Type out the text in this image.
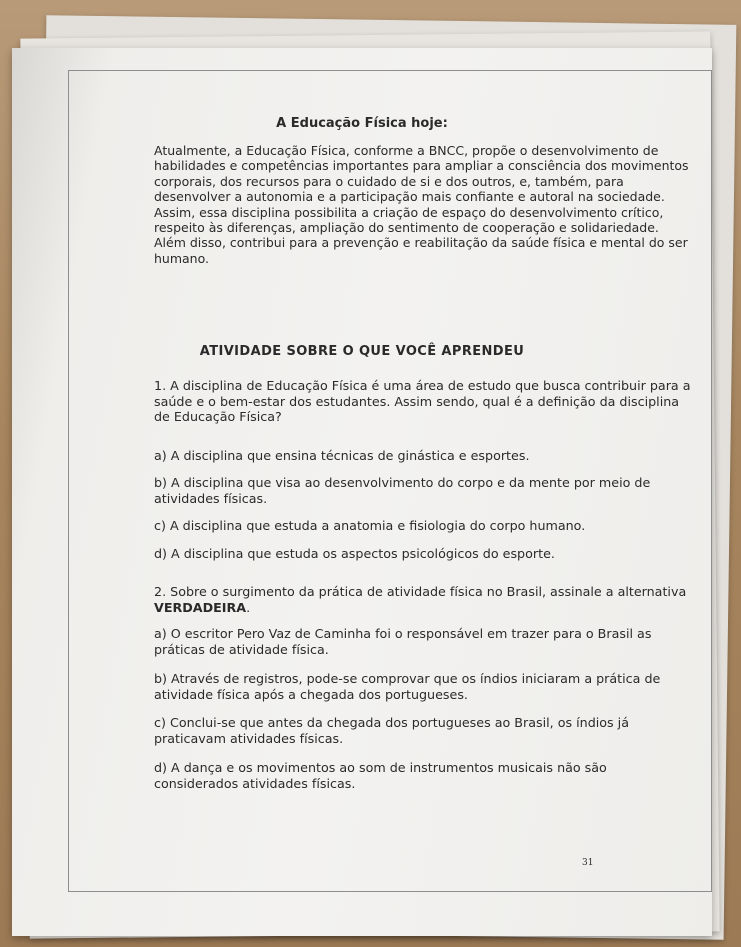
A Educação Física hoje:
Atualmente, a Educação Física, conforme a BNCC, propõe o desenvolvimento de habilidades e competências importantes para ampliar a consciência dos movimentos corporais, dos recursos para o cuidado de si e dos outros, e, também, para desenvolver a autonomia e a participação mais confiante e autoral na sociedade. Assim, essa disciplina possibilita a criação de espaço do desenvolvimento crítico, respeito às diferenças, ampliação do sentimento de cooperação e solidariedade. Além disso, contribui para a prevenção e reabilitação da saúde física e mental do ser humano.
ATIVIDADE SOBRE O QUE VOCÊ APRENDEU
1. A disciplina de Educação Física é uma área de estudo que busca contribuir para a saúde e o bem-estar dos estudantes. Assim sendo, qual é a definição da disciplina de Educação Física?
a) A disciplina que ensina técnicas de ginástica e esportes.
b) A disciplina que visa ao desenvolvimento do corpo e da mente por meio de atividades físicas.
c) A disciplina que estuda a anatomia e fisiologia do corpo humano.
d) A disciplina que estuda os aspectos psicológicos do esporte.
2. Sobre o surgimento da prática de atividade física no Brasil, assinale a alternativa VERDADEIRA.
a) O escritor Pero Vaz de Caminha foi o responsável em trazer para o Brasil as práticas de atividade física.
b) Através de registros, pode-se comprovar que os índios iniciaram a prática de atividade física após a chegada dos portugueses.
c) Conclui-se que antes da chegada dos portugueses ao Brasil, os índios já praticavam atividades físicas.
d) A dança e os movimentos ao som de instrumentos musicais não são considerados atividades físicas.
31
